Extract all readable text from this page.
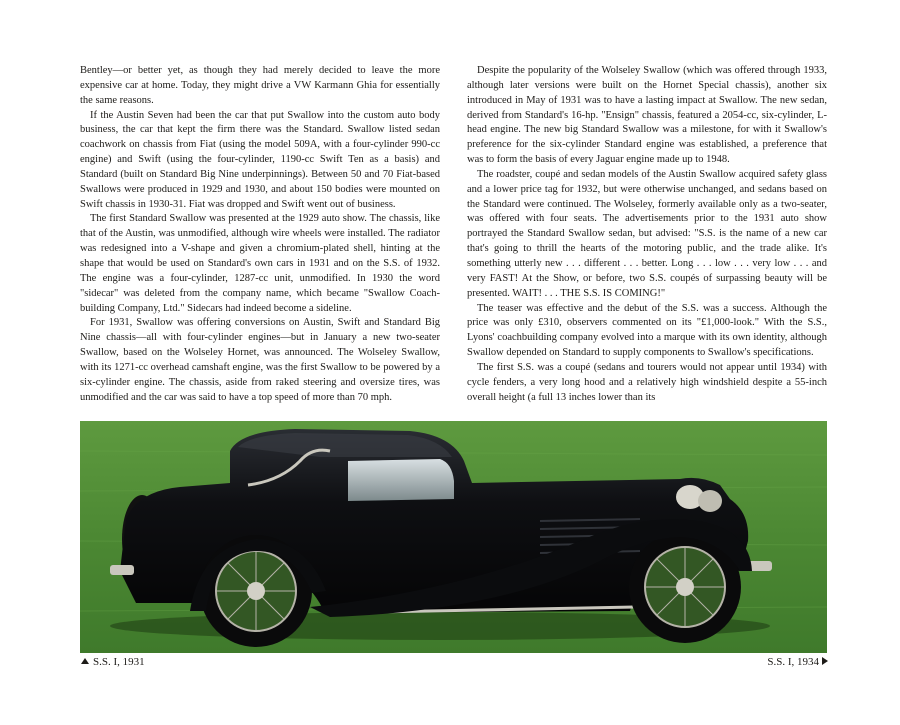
Bentley—or better yet, as though they had merely decided to leave the more expensive car at home. Today, they might drive a VW Karmann Ghia for essentially the same reasons.

If the Austin Seven had been the car that put Swallow into the custom auto body business, the car that kept the firm there was the Standard. Swallow listed sedan coachwork on chassis from Fiat (using the model 509A, with a four-cylinder 990-cc engine) and Swift (using the four-cylinder, 1190-cc Swift Ten as a basis) and Standard (built on Standard Big Nine underpinnings). Between 50 and 70 Fiat-based Swallows were produced in 1929 and 1930, and about 150 bodies were mounted on Swift chassis in 1930-31. Fiat was dropped and Swift went out of business.

The first Standard Swallow was presented at the 1929 auto show. The chassis, like that of the Austin, was unmodified, although wire wheels were installed. The radiator was redesigned into a V-shape and given a chromium-plated shell, hinting at the shape that would be used on Standard's own cars in 1931 and on the S.S. of 1932. The engine was a four-cylinder, 1287-cc unit, unmodified. In 1930 the word "sidecar" was deleted from the company name, which became "Swallow Coach-building Company, Ltd." Sidecars had indeed become a sideline.

For 1931, Swallow was offering conversions on Austin, Swift and Standard Big Nine chassis—all with four-cylinder engines—but in January a new two-seater Swallow, based on the Wolseley Hornet, was announced. The Wolseley Swallow, with its 1271-cc overhead camshaft engine, was the first Swallow to be powered by a six-cylinder engine. The chassis, aside from raked steering and oversize tires, was unmodified and the car was said to have a top speed of more than 70 mph.

Despite the popularity of the Wolseley Swallow (which was offered through 1933, although later versions were built on the Hornet Special chassis), another six introduced in May of 1931 was to have a lasting impact at Swallow. The new sedan, derived from Standard's 16-hp. "Ensign" chassis, featured a 2054-cc, six-cylinder, L-head engine. The new big Standard Swallow was a milestone, for with it Swallow's preference for the six-cylinder Standard engine was established, a preference that was to form the basis of every Jaguar engine made up to 1948.

The roadster, coupé and sedan models of the Austin Swallow acquired safety glass and a lower price tag for 1932, but were otherwise unchanged, and sedans based on the Standard were continued. The Wolseley, formerly available only as a two-seater, was offered with four seats. The advertisements prior to the 1931 auto show portrayed the Standard Swallow sedan, but advised: "S.S. is the name of a new car that's going to thrill the hearts of the motoring public, and the trade alike. It's something utterly new . . . different . . . better. Long . . . low . . . very low . . . and very FAST! At the Show, or before, two S.S. coupés of surpassing beauty will be presented. WAIT! . . . THE S.S. IS COMING!"

The teaser was effective and the debut of the S.S. was a success. Although the price was only £310, observers commented on its "£1,000-look." With the S.S., Lyons' coachbuilding company evolved into a marque with its own identity, although Swallow depended on Standard to supply components to Swallow's specifications.

The first S.S. was a coupé (sedans and tourers would not appear until 1934) with cycle fenders, a very long hood and a relatively high windshield despite a 55-inch overall height (a full 13 inches lower than its

S.S. I, 1931	S.S. I, 1934
